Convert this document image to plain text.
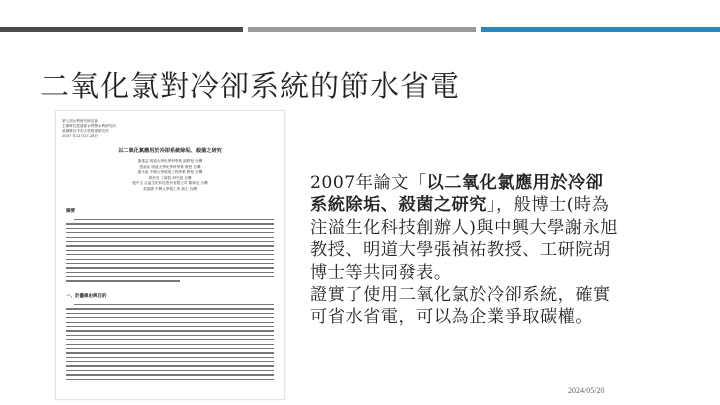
二氧化氯對冷卻系統的節水省電
第七屆水利研究研討會
主辦單位經濟部水利署水利研究所
協辦單位中央大學營建研究所
2007 年12月27-28日
以二氧化氯應用於冷卻系統除垢、殺菌之研究
謝達益 明道大學化學科學系 副教授 台灣
張禎祐 明道大學化學科學系 教授 台灣
謝永旭 中興大學環境工程學系 教授 台灣
胡美芳 工研院 研究員 台灣
殷中文 注溢生化科技股份有限公司 董事長 台灣
黃振國 中興大學環工所 碩士 台灣
摘要
一、計畫緣由與目的

2007年論文「以二氧化氯應用於冷卻 系統除垢、殺菌之研究」，般博士(時為注溢生化科技創辦人)與中興大學謝永旭教授、明道大學張禎祐教授、工研院胡博士等共同發表。

證實了使用二氧化氯於冷卻系統，確實可省水省電，可以為企業爭取碳權。

2024/05/20
